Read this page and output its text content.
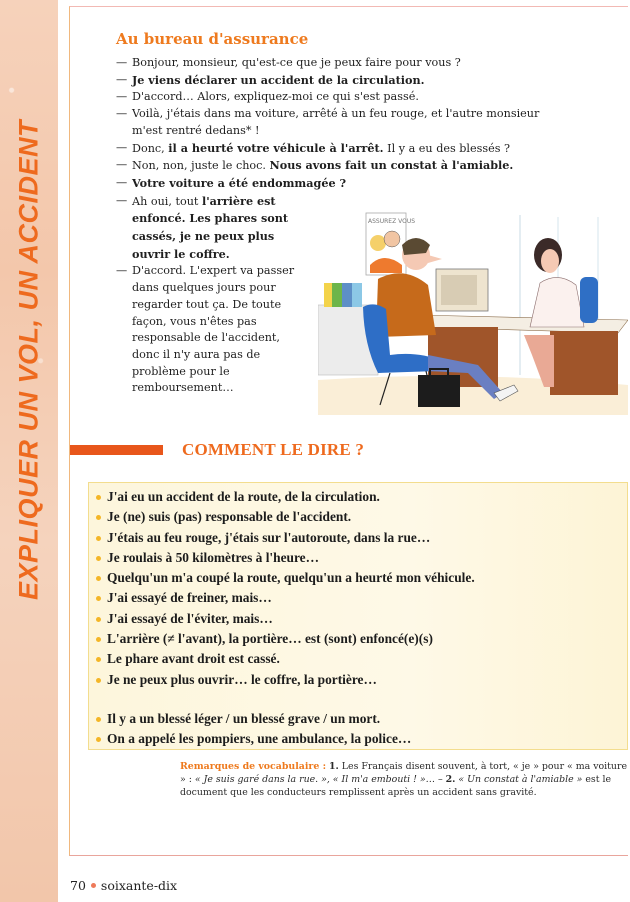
EXPLIQUER UN VOL, UN ACCIDENT
Au bureau d'assurance
— Bonjour, monsieur, qu'est-ce que je peux faire pour vous ?
— Je viens déclarer un accident de la circulation.
— D'accord… Alors, expliquez-moi ce qui s'est passé.
— Voilà, j'étais dans ma voiture, arrêté à un feu rouge, et l'autre monsieur m'est rentré dedans* !
— Donc, il a heurté votre véhicule à l'arrêt. Il y a eu des blessés ?
— Non, non, juste le choc. Nous avons fait un constat à l'amiable.
— Votre voiture a été endommagée ?
— Ah oui, tout l'arrière est enfoncé. Les phares sont cassés, je ne peux plus ouvrir le coffre.
— D'accord. L'expert va passer dans quelques jours pour regarder tout ça. De toute façon, vous n'êtes pas responsable de l'accident, donc il n'y aura pas de problème pour le remboursement…
ASSUREZ VOUS
COMMENT LE DIRE ?
J'ai eu un accident de la route, de la circulation.
Je (ne) suis (pas) responsable de l'accident.
J'étais au feu rouge, j'étais sur l'autoroute, dans la rue…
Je roulais à 50 kilomètres à l'heure…
Quelqu'un m'a coupé la route, quelqu'un a heurté mon véhicule.
J'ai essayé de freiner, mais…
J'ai essayé de l'éviter, mais…
L'arrière (≠ l'avant), la portière… est (sont) enfoncé(e)(s)
Le phare avant droit est cassé.
Je ne peux plus ouvrir… le coffre, la portière…
Il y a un blessé léger / un blessé grave / un mort.
On a appelé les pompiers, une ambulance, la police…
Remarques de vocabulaire : 1. Les Français disent souvent, à tort, « je » pour « ma voiture » : « Je suis garé dans la rue. », « Il m'a embouti ! »… – 2. « Un constat à l'amiable » est le document que les conducteurs remplissent après un accident sans gravité.
70 soixante-dix
